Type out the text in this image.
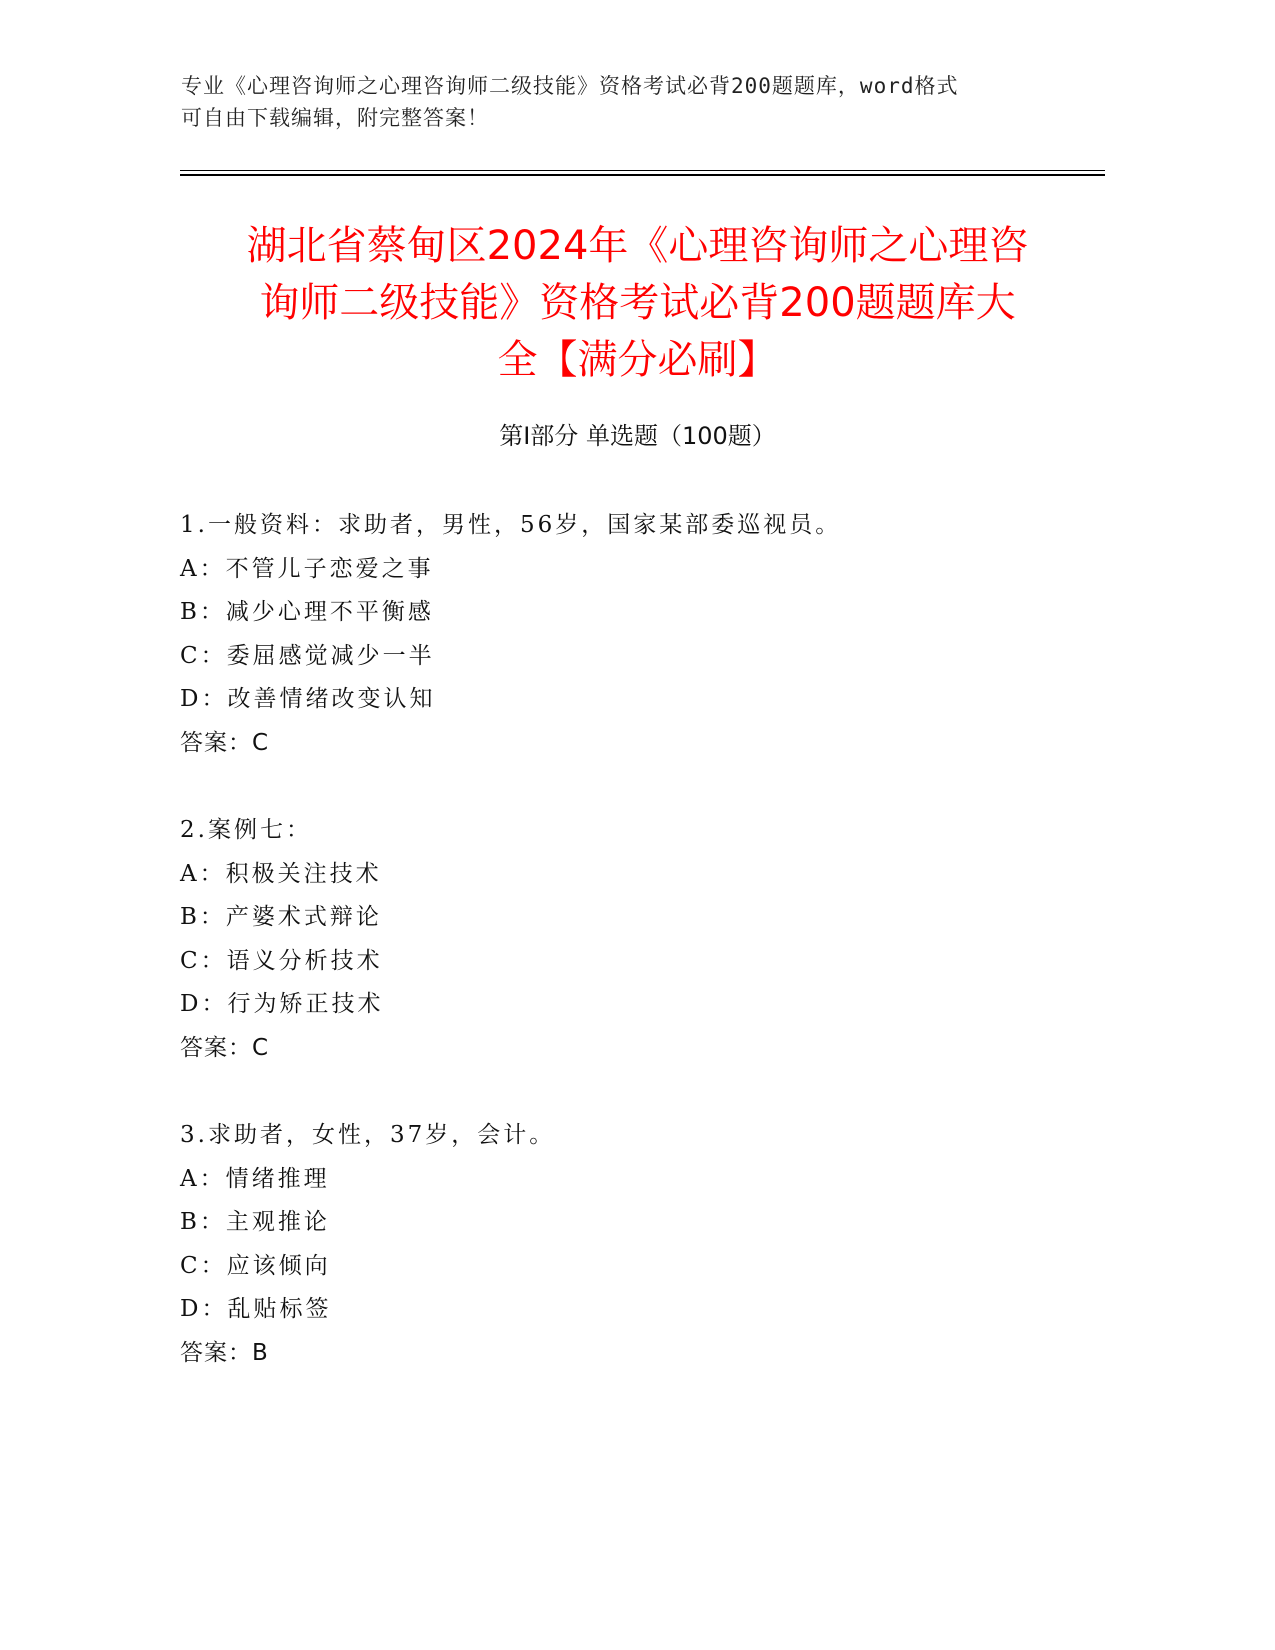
专业《心理咨询师之心理咨询师二级技能》资格考试必背200题题库，word格式
可自由下载编辑，附完整答案！
湖北省蔡甸区2024年《心理咨询师之心理咨
询师二级技能》资格考试必背200题题库大
全【满分必刷】
第Ⅰ部分 单选题（100题）
1.一般资料：求助者，男性，56岁，国家某部委巡视员。
A：不管儿子恋爱之事
B：减少心理不平衡感
C：委屈感觉减少一半
D：改善情绪改变认知
答案：C
2.案例七：
A：积极关注技术
B：产婆术式辩论
C：语义分析技术
D：行为矫正技术
答案：C
3.求助者，女性，37岁，会计。
A：情绪推理
B：主观推论
C：应该倾向
D：乱贴标签
答案：B
